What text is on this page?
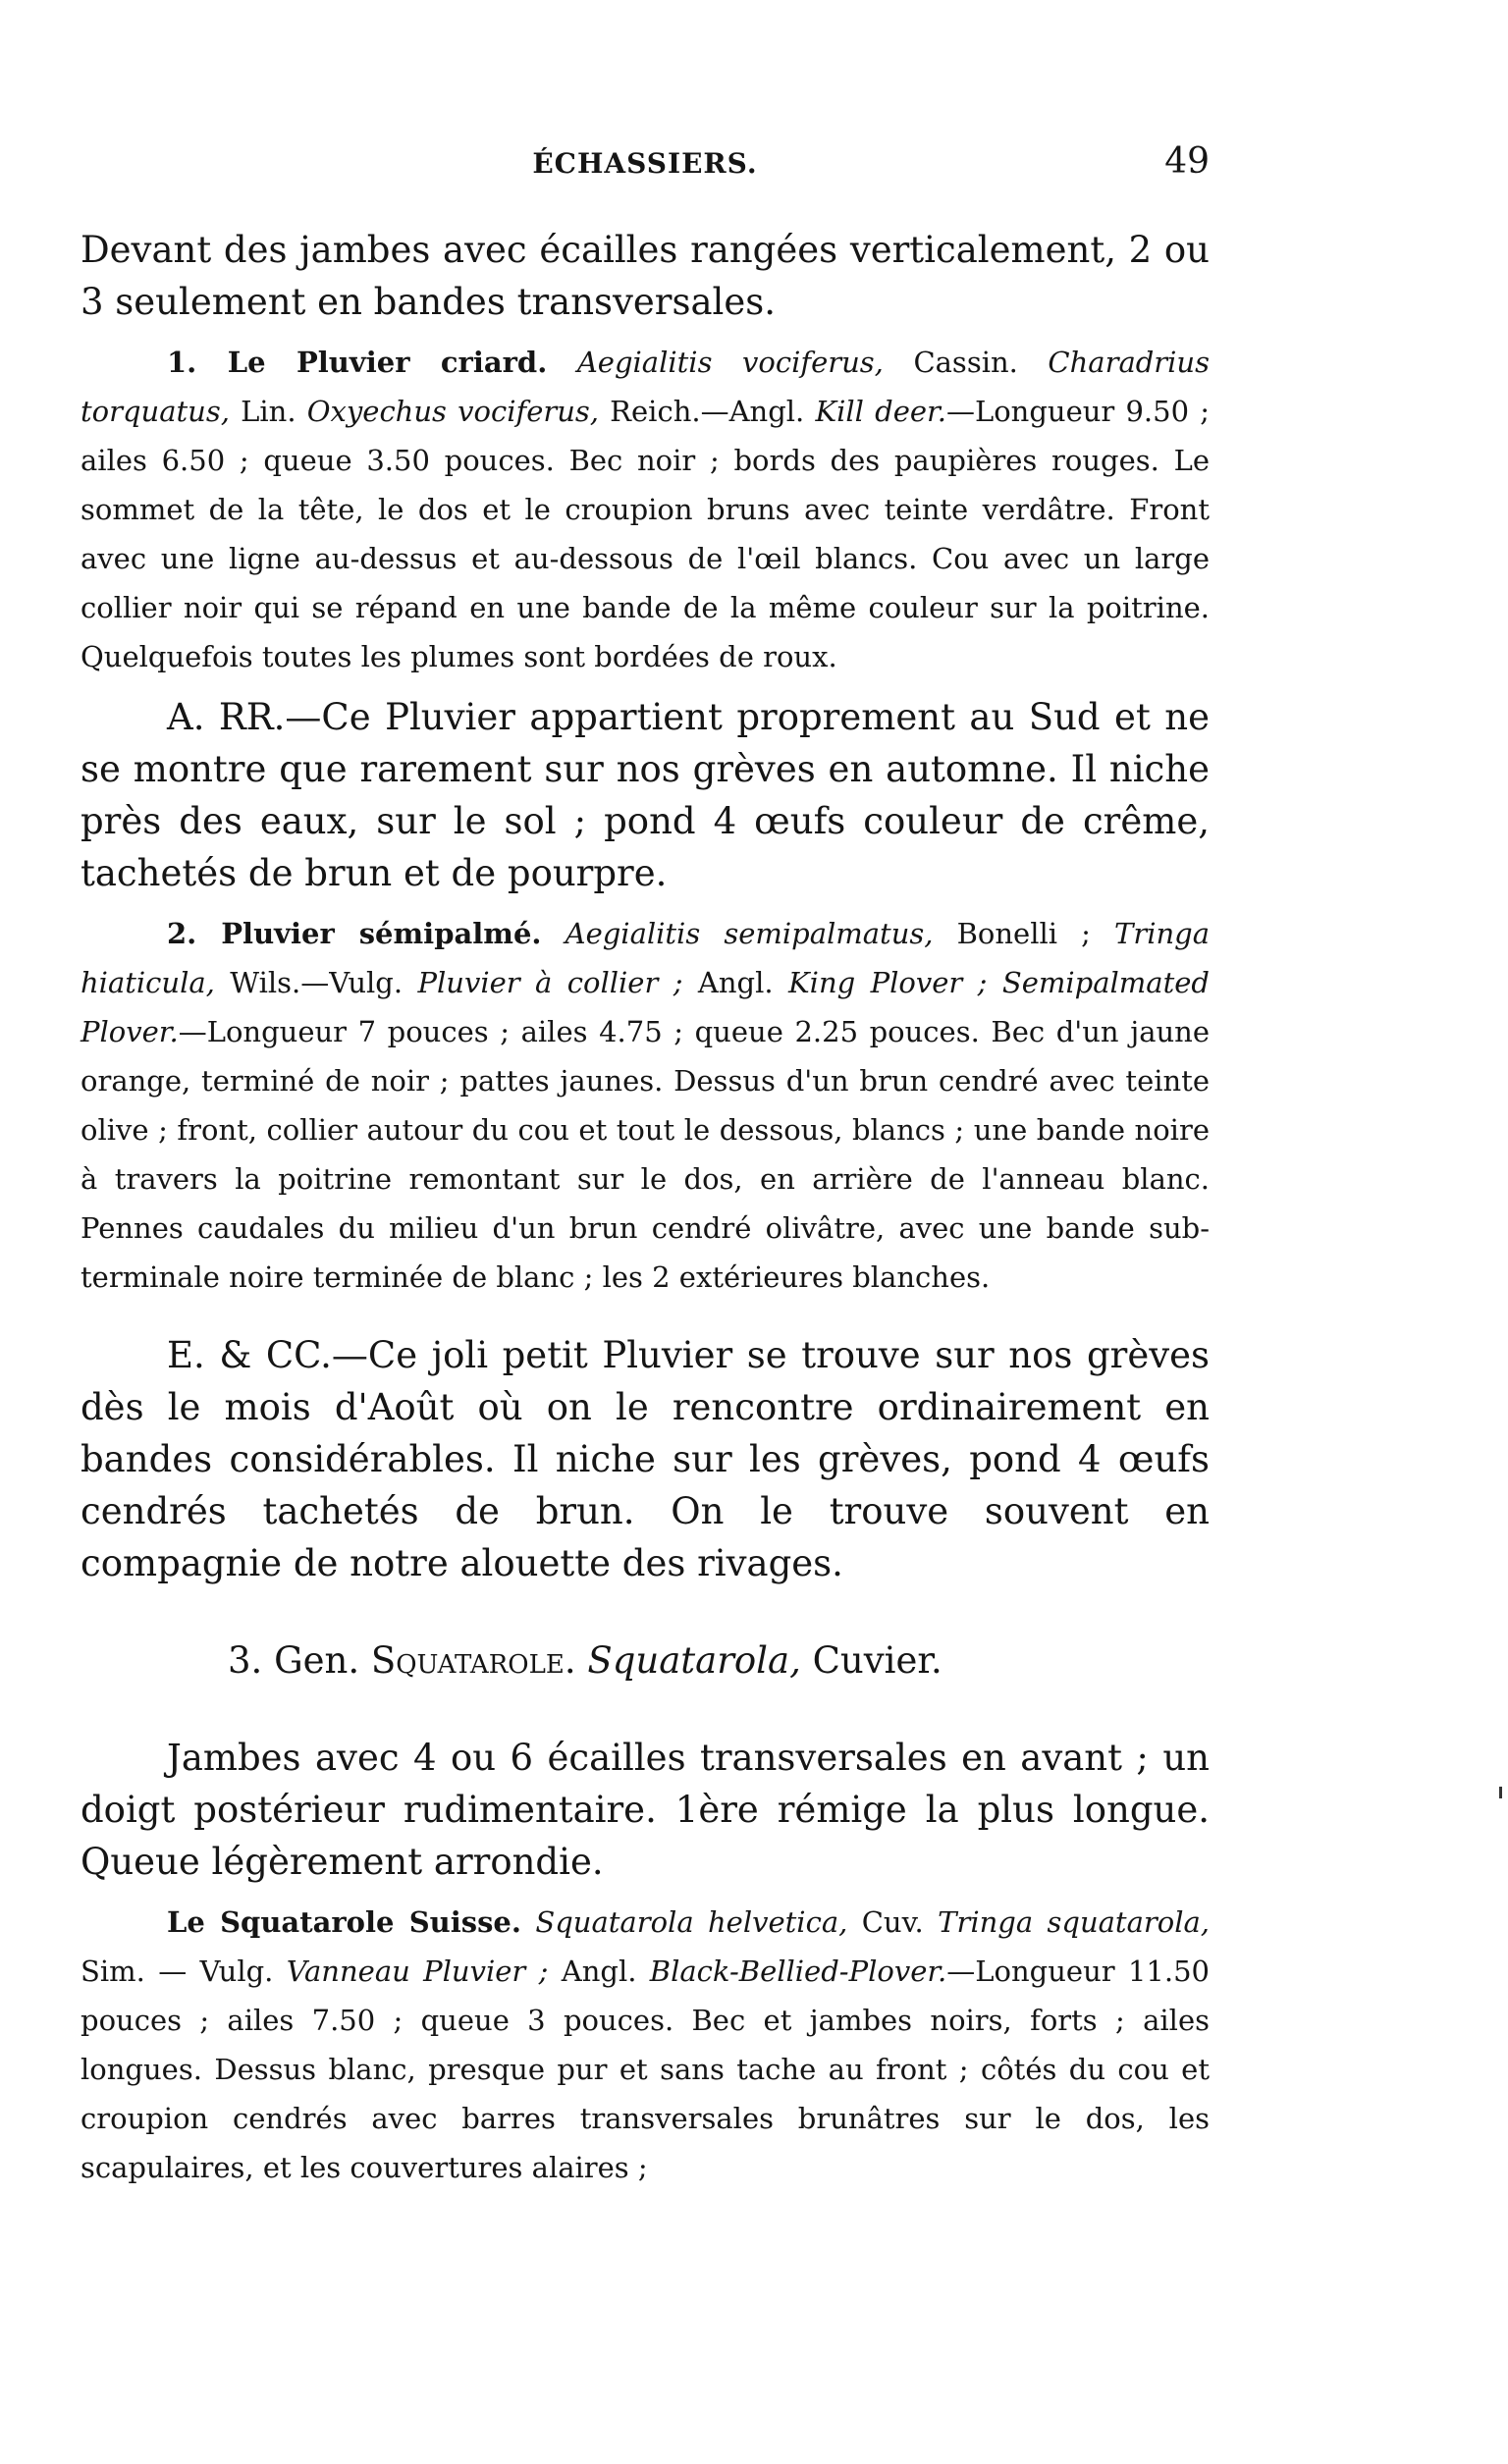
ÉCHASSIERS.	49

Devant des jambes avec écailles rangées verticalement, 2 ou 3 seulement en bandes transversales.

1. Le Pluvier criard. Aegialitis vociferus, Cassin. Charadrius torquatus, Lin. Oxyechus vociferus, Reich.—Angl. Kill deer.—Longueur 9.50 ; ailes 6.50 ; queue 3.50 pouces. Bec noir ; bords des paupières rouges. Le sommet de la tête, le dos et le croupion bruns avec teinte verdâtre. Front avec une ligne au-dessus et au-dessous de l'œil blancs. Cou avec un large collier noir qui se répand en une bande de la même couleur sur la poitrine. Quelquefois toutes les plumes sont bordées de roux.

A. RR.—Ce Pluvier appartient proprement au Sud et ne se montre que rarement sur nos grèves en automne. Il niche près des eaux, sur le sol ; pond 4 œufs couleur de crême, tachetés de brun et de pourpre.

2. Pluvier sémipalmé. Aegialitis semipalmatus, Bonelli ; Tringa hiaticula, Wils.—Vulg. Pluvier à collier ; Angl. King Plover ; Semipalmated Plover.—Longueur 7 pouces ; ailes 4.75 ; queue 2.25 pouces. Bec d'un jaune orange, terminé de noir ; pattes jaunes. Dessus d'un brun cendré avec teinte olive ; front, collier autour du cou et tout le dessous, blancs ; une bande noire à travers la poitrine remontant sur le dos, en arrière de l'anneau blanc. Pennes caudales du milieu d'un brun cendré olivâtre, avec une bande sub-terminale noire terminée de blanc ; les 2 extérieures blanches.

E. & CC.—Ce joli petit Pluvier se trouve sur nos grèves dès le mois d'Août où on le rencontre ordinairement en bandes considérables. Il niche sur les grèves, pond 4 œufs cendrés tachetés de brun. On le trouve souvent en compagnie de notre alouette des rivages.

3. Gen. Squatarole. Squatarola, Cuvier.

Jambes avec 4 ou 6 écailles transversales en avant ; un doigt postérieur rudimentaire. 1ère rémige la plus longue. Queue légèrement arrondie.

Le Squatarole Suisse. Squatarola helvetica, Cuv. Tringa squatarola, Sim. — Vulg. Vanneau Pluvier ; Angl. Black-Bellied-Plover.—Longueur 11.50 pouces ; ailes 7.50 ; queue 3 pouces. Bec et jambes noirs, forts ; ailes longues. Dessus blanc, presque pur et sans tache au front ; côtés du cou et croupion cendrés avec barres transversales brunâtres sur le dos, les scapulaires, et les couvertures alaires ;
